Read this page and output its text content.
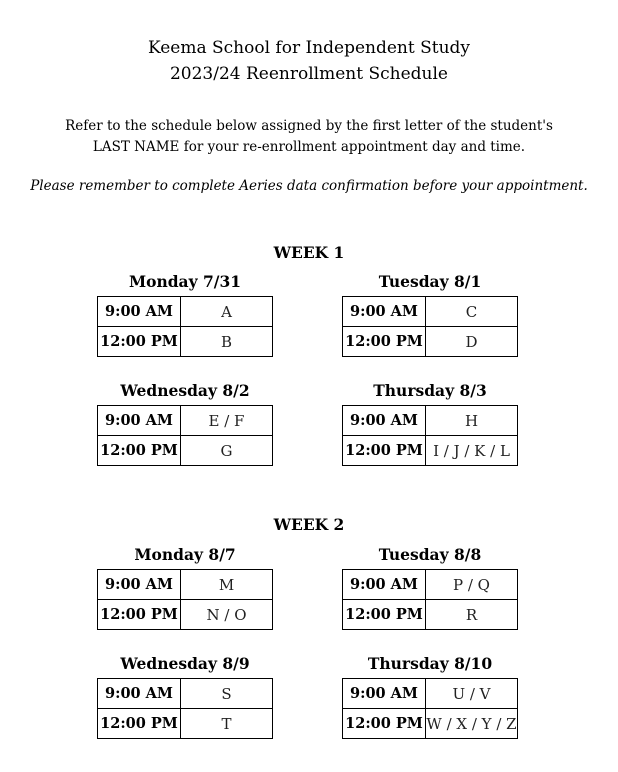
Keema School for Independent Study
2023/24 Reenrollment Schedule
Refer to the schedule below assigned by the first letter of the student's
LAST NAME for your re-enrollment appointment day and time.
Please remember to complete Aeries data confirmation before your appointment.
WEEK 1
Monday 7/31
9:00 AM	A
12:00 PM	B
Tuesday 8/1
9:00 AM	C
12:00 PM	D
Wednesday 8/2
9:00 AM	E / F
12:00 PM	G
Thursday 8/3
9:00 AM	H
12:00 PM	I / J / K / L
WEEK 2
Monday 8/7
9:00 AM	M
12:00 PM	N / O
Tuesday 8/8
9:00 AM	P / Q
12:00 PM	R
Wednesday 8/9
9:00 AM	S
12:00 PM	T
Thursday 8/10
9:00 AM	U / V
12:00 PM	W / X / Y / Z
